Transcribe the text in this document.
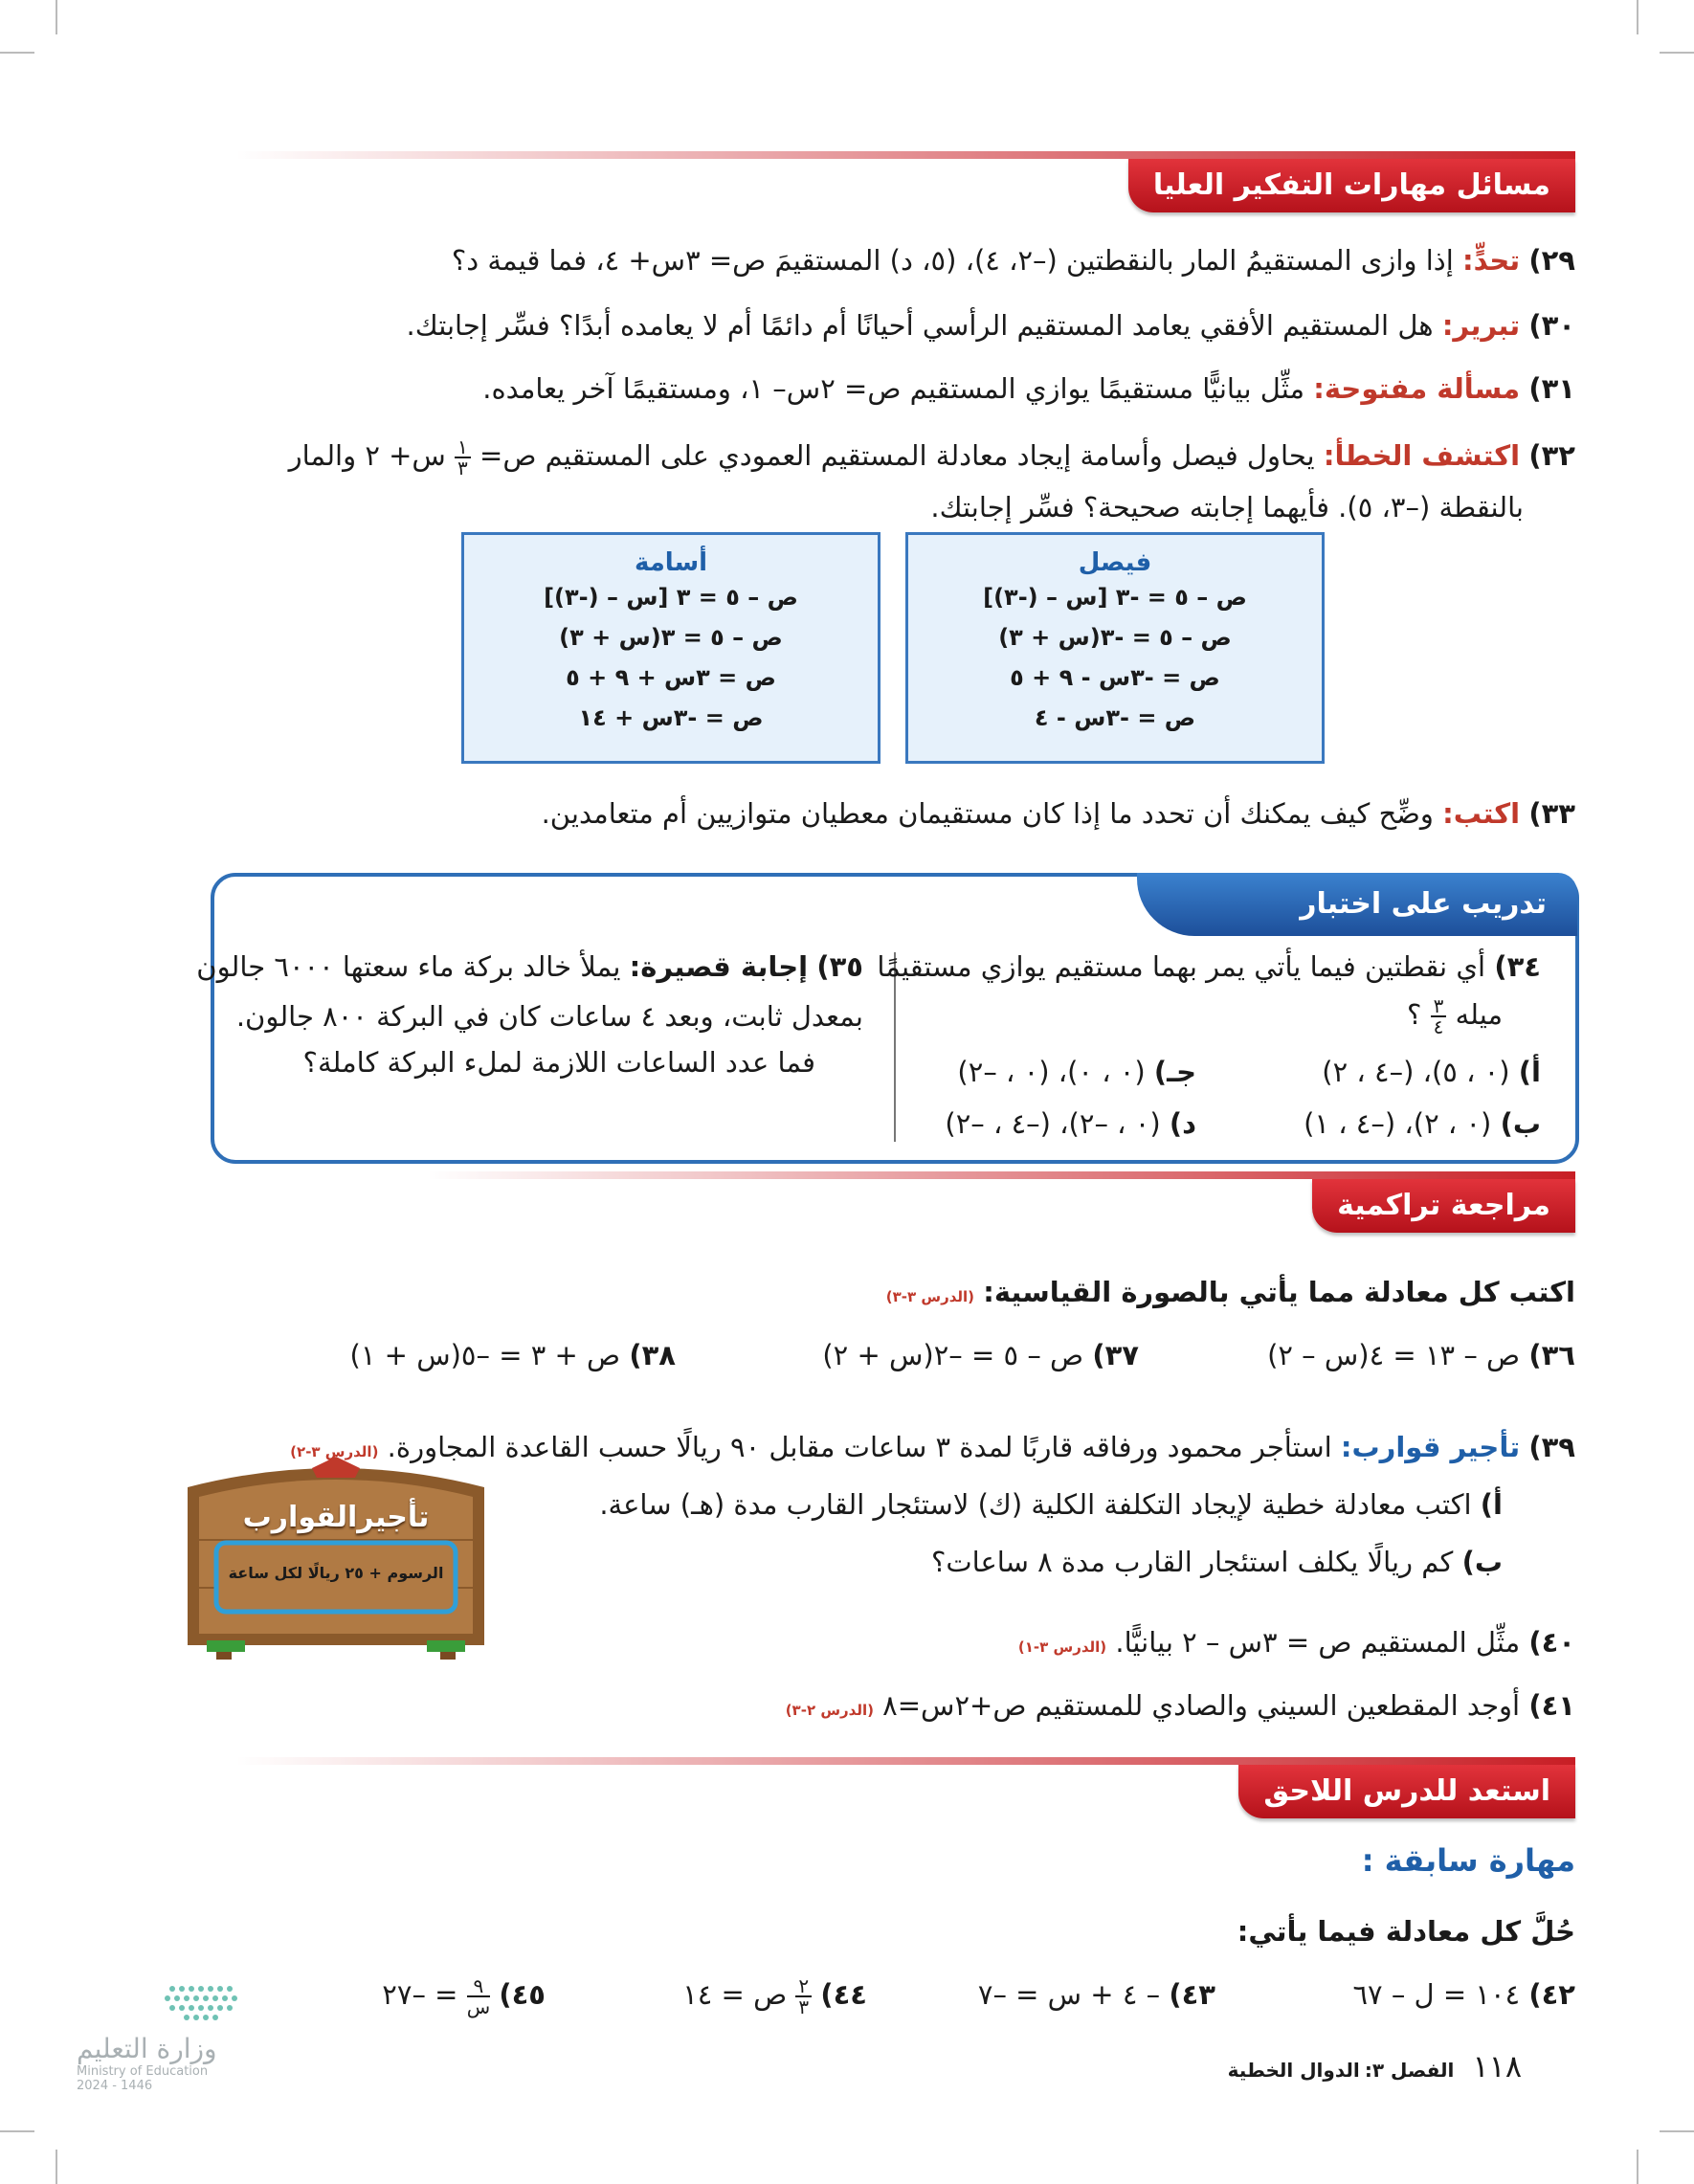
مسائل مهارات التفكير العليا
٢٩) تحدٍّ: إذا وازى المستقيمُ المار بالنقطتين (–٢، ٤)، (٥، د) المستقيمَ ص= ٣س+ ٤، فما قيمة د؟
٣٠) تبرير: هل المستقيم الأفقي يعامد المستقيم الرأسي أحيانًا أم دائمًا أم لا يعامده أبدًا؟ فسِّر إجابتك.
٣١) مسألة مفتوحة: مثِّل بيانيًّا مستقيمًا يوازي المستقيم ص= ٢س– ١، ومستقيمًا آخر يعامده.
٣٢) اكتشف الخطأ: يحاول فيصل وأسامة إيجاد معادلة المستقيم العمودي على المستقيم ص=
١
٣
س+ ٢ والمار
بالنقطة (–٣، ٥). فأيهما إجابته صحيحة؟ فسِّر إجابتك.
فيصل
ص – ٥ = -٣ [س – (-٣)]
ص – ٥ = -٣(س + ٣)
ص = -٣س - ٩ + ٥
ص = -٣س - ٤
أسامة
ص – ٥ = ٣ [س – (-٣)]
ص – ٥ = ٣(س + ٣)
ص = ٣س + ٩ + ٥
ص = -٣س + ١٤
٣٣) اكتب: وضِّح كيف يمكنك أن تحدد ما إذا كان مستقيمان معطيان متوازيين أم متعامدين.
تدريب على اختبار
٣٤) أي نقطتين فيما يأتي يمر بهما مستقيم يوازي مستقيمًا
ميله
٣
٤
؟
أ) (٠ ، ٥)، (–٤ ، ٢)
جـ) (٠ ، ٠)، (٠ ، –٢)
ب) (٠ ، ٢)، (–٤ ، ١)
د) (٠ ، –٢)، (–٤ ، –٢)
٣٥) إجابة قصيرة: يملأ خالد بركة ماء سعتها ٦٠٠٠ جالون
بمعدل ثابت، وبعد ٤ ساعات كان في البركة ٨٠٠ جالون.
فما عدد الساعات اللازمة لملء البركة كاملة؟
مراجعة تراكمية
اكتب كل معادلة مما يأتي بالصورة القياسية: (الدرس ٣-٣)
٣٦) ص – ١٣ = ٤(س – ٢)
٣٧) ص – ٥ = –٢(س + ٢)
٣٨) ص + ٣ = –٥(س + ١)
٣٩) تأجير قوارب: استأجر محمود ورفاقه قاربًا لمدة ٣ ساعات مقابل ٩٠ ريالًا حسب القاعدة المجاورة. (الدرس ٣-٢)
أ) اكتب معادلة خطية لإيجاد التكلفة الكلية (ك) لاستئجار القارب مدة (هـ) ساعة.
ب) كم ريالًا يكلف استئجار القارب مدة ٨ ساعات؟
تأجيرالقوارب
الرسوم + ٢٥ ريالًا لكل ساعة
٤٠) مثِّل المستقيم ص = ٣س – ٢ بيانيًّا. (الدرس ٣-١)
٤١) أوجد المقطعين السيني والصادي للمستقيم ص+٢س=٨ (الدرس ٢-٣)
استعد للدرس اللاحق
مهارة سابقة :
حُلَّ كل معادلة فيما يأتي:
٤٢) ١٠٤ = ل – ٦٧
٤٣) – ٤ + س = –٧
٤٤)
٢
٣
ص = ١٤
٤٥)
٩
س
= –٢٧
١١٨ الفصل ٣: الدوال الخطية
وزارة التعليم
Ministry of Education
2024 - 1446
